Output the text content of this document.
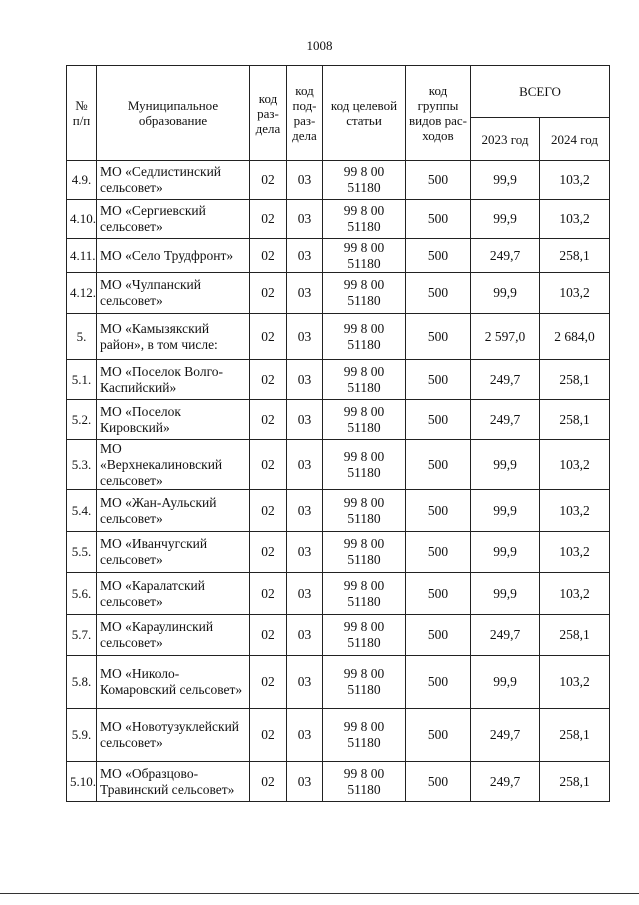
1008
№ п/п	Муниципальное образование	код раз-дела	код под-раз-дела	код целевой статьи	код группы видов рас-ходов	ВСЕГО	
						2023 год	2024 год
4.9.	МО «Седлистинский сельсовет»	02	03	99 8 00 51180	500	99,9	103,2
4.10.	МО «Сергиевский сельсовет»	02	03	99 8 00 51180	500	99,9	103,2
4.11.	МО «Село Трудфронт»	02	03	99 8 00 51180	500	249,7	258,1
4.12.	МО «Чулпанский сельсовет»	02	03	99 8 00 51180	500	99,9	103,2
5.	МО «Камызякский район», в том числе:	02	03	99 8 00 51180	500	2 597,0	2 684,0
5.1.	МО «Поселок Волго-Каспийский»	02	03	99 8 00 51180	500	249,7	258,1
5.2.	МО «Поселок Кировский»	02	03	99 8 00 51180	500	249,7	258,1
5.3.	МО «Верхнекалиновский сельсовет»	02	03	99 8 00 51180	500	99,9	103,2
5.4.	МО «Жан-Аульский сельсовет»	02	03	99 8 00 51180	500	99,9	103,2
5.5.	МО «Иванчугский сельсовет»	02	03	99 8 00 51180	500	99,9	103,2
5.6.	МО «Каралатский сельсовет»	02	03	99 8 00 51180	500	99,9	103,2
5.7.	МО «Караулинский сельсовет»	02	03	99 8 00 51180	500	249,7	258,1
5.8.	МО «Николо-Комаровский сельсовет»	02	03	99 8 00 51180	500	99,9	103,2
5.9.	МО «Новотузуклейский сельсовет»	02	03	99 8 00 51180	500	249,7	258,1
5.10.	МО «Образцово-Травинский сельсовет»	02	03	99 8 00 51180	500	249,7	258,1
